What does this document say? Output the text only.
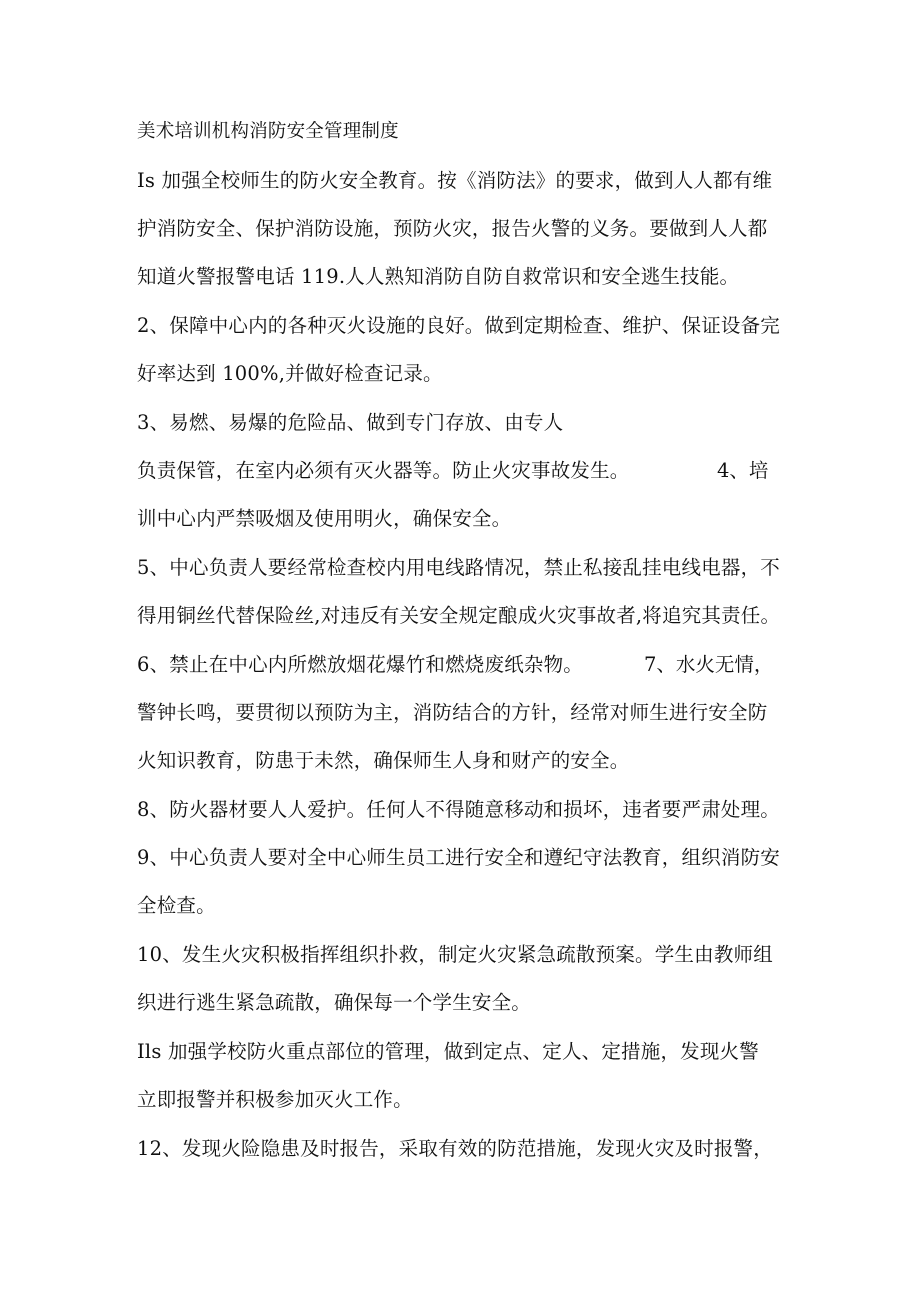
美术培训机构消防安全管理制度
Is 加强全校师生的防火安全教育。按《消防法》的要求，做到人人都有维
护消防安全、保护消防设施，预防火灾，报告火警的义务。要做到人人都
知道火警报警电话 119.人人熟知消防自防自救常识和安全逃生技能。
2、保障中心内的各种灭火设施的良好。做到定期检查、维护、保证设备完
好率达到 100%,并做好检查记录。
3、易燃、易爆的危险品、做到专门存放、由专人
负责保管，在室内必须有灭火器等。防止火灾事故发生。	4、培
训中心内严禁吸烟及使用明火，确保安全。
5、中心负责人要经常检查校内用电线路情况，禁止私接乱挂电线电器，不
得用铜丝代替保险丝,对违反有关安全规定酿成火灾事故者,将追究其责任。
6、禁止在中心内所燃放烟花爆竹和燃烧废纸杂物。	7、水火无情，
警钟长鸣，要贯彻以预防为主，消防结合的方针，经常对师生进行安全防
火知识教育，防患于未然，确保师生人身和财产的安全。
8、防火器材要人人爱护。任何人不得随意移动和损坏，违者要严肃处理。
9、中心负责人要对全中心师生员工进行安全和遵纪守法教育，组织消防安
全检查。
10、发生火灾积极指挥组织扑救，制定火灾紧急疏散预案。学生由教师组
织进行逃生紧急疏散，确保每一个学生安全。
Ils 加强学校防火重点部位的管理，做到定点、定人、定措施，发现火警
立即报警并积极参加灭火工作。
12、发现火险隐患及时报告，采取有效的防范措施，发现火灾及时报警，
